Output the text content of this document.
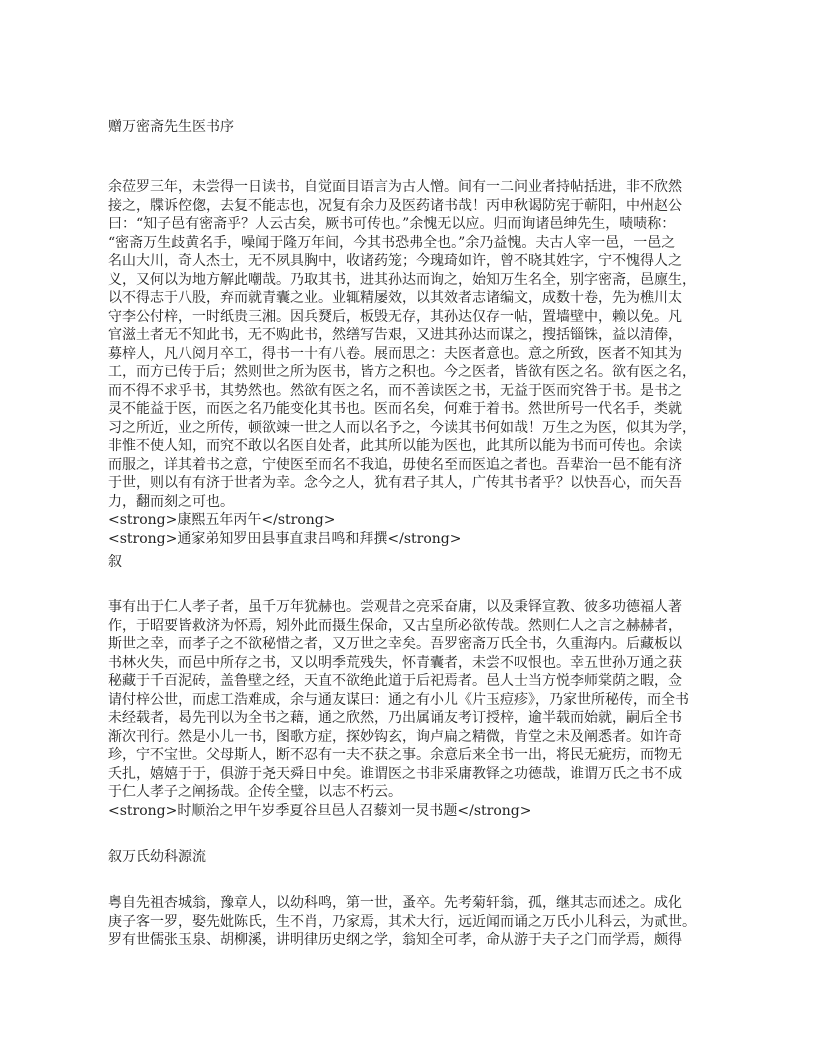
赠万密斋先生医书序
余莅罗三年，未尝得一日读书，自觉面目语言为古人憎。间有一二问业者持帖括进，非不欣然
接之，牒诉倥偬，去复不能志也，况复有余力及医药诸书哉！丙申秋谒防宪于蕲阳，中州赵公
曰：“知子邑有密斋乎？人云古矣，厥书可传也。”余愧无以应。归而询诸邑绅先生，啧啧称：
“密斋万生歧黄名手，噪闻于隆万年间，今其书恐弗全也。”余乃益愧。夫古人宰一邑，一邑之
名山大川，奇人杰士，无不夙具胸中，收诸药笼；今瑰琦如许，曾不晓其姓字，宁不愧得人之
义，又何以为地方解此嘲哉。乃取其书，进其孙达而询之，始知万生名全，别字密斋，邑廪生，
以不得志于八股，弃而就青囊之业。业辄精屡效，以其效者志诸编文，成数十卷，先为樵川太
守李公付梓，一时纸贵三湘。因兵燹后，板毁无存，其孙达仅存一帖，置墙壁中，赖以免。凡
官滋土者无不知此书，无不购此书，然缮写告艰，又进其孙达而谋之，搜括锱铢，益以清俸，
募梓人，凡八阅月卒工，得书一十有八卷。展而思之：夫医者意也。意之所致，医者不知其为
工，而方已传于后；然则世之所为医书，皆方之积也。今之医者，皆欲有医之名。欲有医之名，
而不得不求乎书，其势然也。然欲有医之名，而不善读医之书，无益于医而究咎于书。是书之
灵不能益于医，而医之名乃能变化其书也。医而名矣，何难于着书。然世所号一代名手，类就
习之所近，业之所传，顿欲竦一世之人而以名予之，今读其书何如哉！万生之为医，似其为学，
非惟不使人知，而究不敢以名医自处者，此其所以能为医也，此其所以能为书而可传也。余读
而服之，详其着书之意，宁使医至而名不我追，毋使名至而医追之者也。吾辈治一邑不能有济
于世，则以有有济于世者为幸。念今之人，犹有君子其人，广传其书者乎？以快吾心，而矢吾
力，翻而刻之可也。
<strong>康熙五年丙午</strong>
<strong>通家弟知罗田县事直隶吕鸣和拜撰</strong>
叙
事有出于仁人孝子者，虽千万年犹赫也。尝观昔之亮采奋庸，以及秉铎宣教、彼多功德福人著
作，于昭要皆救济为怀焉，矧外此而摄生保命，又古皇所必欲传哉。然则仁人之言之赫赫者，
斯世之幸，而孝子之不欲秘惜之者，又万世之幸矣。吾罗密斋万氏全书，久重海内。后藏板以
书林火失，而邑中所存之书，又以明季荒残失，怀青囊者，未尝不叹恨也。幸五世孙万通之获
秘藏于千百泥砖，盖鲁壁之经，天直不欲绝此道于后祀焉者。邑人士当方悦李师棠荫之暇，佥
请付梓公世，而虑工浩难成，余与通友谋曰：通之有小儿《片玉痘疹》，乃家世所秘传，而全书
未经载者，曷先刊以为全书之藉，通之欣然，乃出属诵友考订授梓，逾半载而始就，嗣后全书
渐次刊行。然是小儿一书，图歌方症，探妙钩玄，询卢扁之精微，肯堂之未及阐悉者。如许奇
珍，宁不宝世。父母斯人，断不忍有一夫不获之事。余意后来全书一出，将民无疵疠，而物无
夭扎，嬉嬉于于，俱游于尧天舜日中矣。谁谓医之书非采庸教铎之功德哉，谁谓万氏之书不成
于仁人孝子之阐扬哉。企传全璧，以志不朽云。
<strong>时顺治之甲午岁季夏谷旦邑人召藜刘一炅书题</strong>
叙万氏幼科源流
粤自先祖杏城翁，豫章人，以幼科鸣，第一世，蚤卒。先考菊轩翁，孤，继其志而述之。成化
庚子客一罗，娶先妣陈氏，生不肖，乃家焉，其术大行，远近闻而诵之万氏小儿科云，为贰世。
罗有世儒张玉泉、胡柳溪，讲明律历史纲之学，翁知全可孝，命从游于夫子之门而学焉，颇得
